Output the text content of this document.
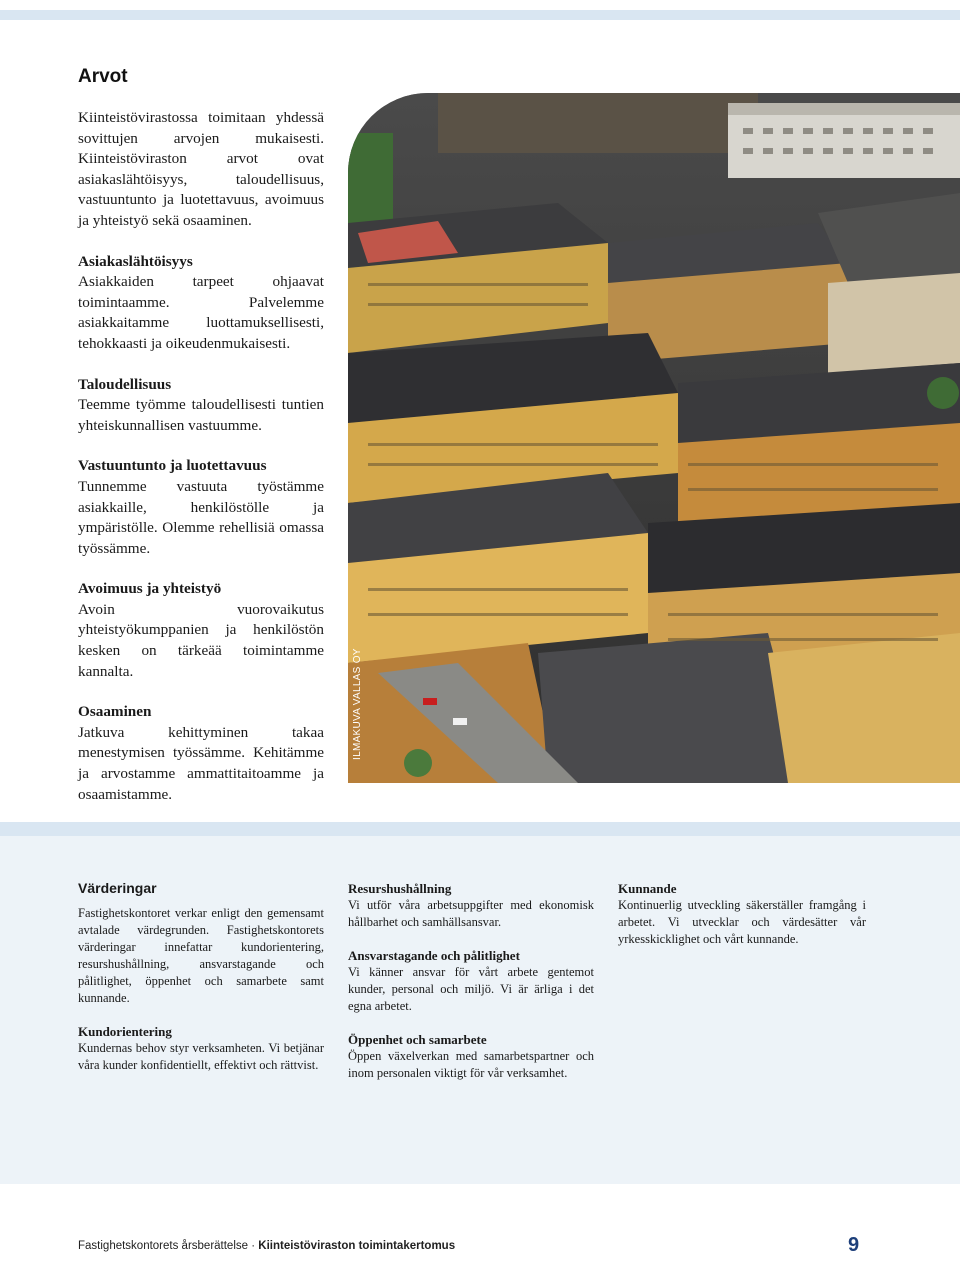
Arvot

Kiinteistövirastossa toimitaan yhdessä sovittujen arvojen mukaisesti. Kiinteistöviraston arvot ovat asiakaslähtöisyys, taloudellisuus, vastuuntunto ja luotettavuus, avoimuus ja yhteistyö sekä osaaminen.

Asiakaslähtöisyys

Asiakkaiden tarpeet ohjaavat toimintaamme. Palvelemme asiakkaitamme luottamuksellisesti, tehokkaasti ja oikeudenmukaisesti.

Taloudellisuus

Teemme työmme taloudellisesti tuntien yhteiskunnallisen vastuumme.

Vastuuntunto ja luotettavuus

Tunnemme vastuuta työstämme asiakkaille, henkilöstölle ja ympäristölle. Olemme rehellisiä omassa työssämme.

Avoimuus ja yhteistyö

Avoin vuorovaikutus yhteistyökumppanien ja henkilöstön kesken on tärkeää toimintamme kannalta.

Osaaminen

Jatkuva kehittyminen takaa menestymisen työssämme. Kehitämme ja arvostamme ammattitaitoamme ja osaamistamme.

ILMAKUVA VALLAS OY

Värderingar

Fastighetskontoret verkar enligt den gemensamt avtalade värdegrunden. Fastighetskontorets värderingar innefattar kundorientering, resurshushållning, ansvarstagande och pålitlighet, öppenhet och samarbete samt kunnande.

Kundorientering

Kundernas behov styr verksamheten. Vi betjänar våra kunder konfidentiellt, effektivt och rättvist.

Resurshushållning

Vi utför våra arbetsuppgifter med ekonomisk hållbarhet och samhällsansvar.

Ansvarstagande och pålitlighet

Vi känner ansvar för vårt arbete gentemot kunder, personal och miljö. Vi är ärliga i det egna arbetet.

Öppenhet och samarbete

Öppen växelverkan med samarbetspartner och inom personalen viktigt för vår verksamhet.

Kunnande

Kontinuerlig utveckling säkerställer framgång i arbetet. Vi utvecklar och värdesätter vår yrkesskicklighet och vårt kunnande.

Fastighetskontorets årsberättelse · Kiinteistöviraston toimintakertomus	9
